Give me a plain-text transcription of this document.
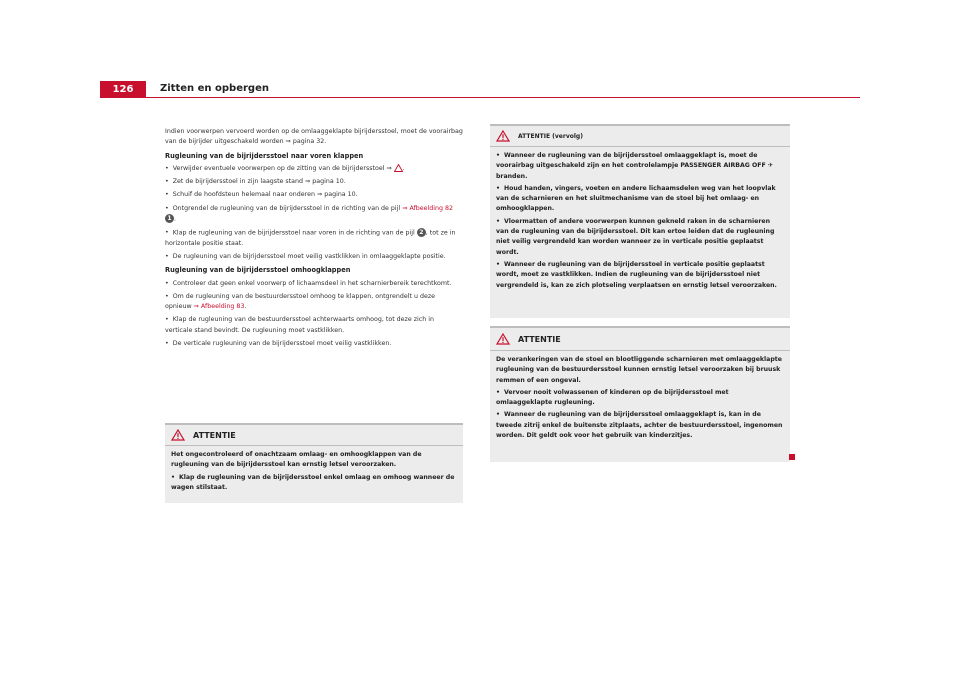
126	Zitten en opbergen

Indien voorwerpen vervoerd worden op de omlaaggeklapte bijrijdersstoel, moet de voorairbag van de bijrijder uitgeschakeld worden ⇒ pagina 32.

Rugleuning van de bijrijdersstoel naar voren klappen

• Verwijder eventuele voorwerpen op de zitting van de bijrijdersstoel ⇒ .

• Zet de bijrijdersstoel in zijn laagste stand ⇒ pagina 10.

• Schuif de hoofdsteun helemaal naar onderen ⇒ pagina 10.

• Ontgrendel de rugleuning van de bijrijdersstoel in de richting van de pijl ⇒ Afbeelding 82 1 .

• Klap de rugleuning van de bijrijdersstoel naar voren in de richting van de pijl 2 , tot ze in horizontale positie staat.

• De rugleuning van de bijrijdersstoel moet veilig vastklikken in omlaaggeklapte positie.

Rugleuning van de bijrijdersstoel omhoogklappen

• Controleer dat geen enkel voorwerp of lichaamsdeel in het scharnierbereik terechtkomt.

• Om de rugleuning van de bestuurdersstoel omhoog te klappen, ontgrendelt u deze opnieuw ⇒ Afbeelding 83.

• Klap de rugleuning van de bestuurdersstoel achterwaarts omhoog, tot deze zich in verticale stand bevindt. De rugleuning moet vastklikken.

• De verticale rugleuning van de bijrijdersstoel moet veilig vastklikken.

ATTENTIE

Het ongecontroleerd of onachtzaam omlaag- en omhoogklappen van de rugleuning van de bijrijdersstoel kan ernstig letsel veroorzaken.

• Klap de rugleuning van de bijrijdersstoel enkel omlaag en omhoog wanneer de wagen stilstaat.

ATTENTIE (vervolg)

• Wanneer de rugleuning van de bijrijdersstoel omlaaggeklapt is, moet de voorairbag uitgeschakeld zijn en het controlelampje PASSENGER AIRBAG OFF ✈ branden.

• Houd handen, vingers, voeten en andere lichaamsdelen weg van het loopvlak van de scharnieren en het sluitmechanisme van de stoel bij het omlaag- en omhoogklappen.

• Vloermatten of andere voorwerpen kunnen gekneld raken in de scharnieren van de rugleuning van de bijrijdersstoel. Dit kan ertoe leiden dat de rugleuning niet veilig vergrendeld kan worden wanneer ze in verticale positie geplaatst wordt.

• Wanneer de rugleuning van de bijrijdersstoel in verticale positie geplaatst wordt, moet ze vastklikken. Indien de rugleuning van de bijrijdersstoel niet vergrendeld is, kan ze zich plotseling verplaatsen en ernstig letsel veroorzaken.

ATTENTIE

De verankeringen van de stoel en blootliggende scharnieren met omlaaggeklapte rugleuning van de bestuurdersstoel kunnen ernstig letsel veroorzaken bij bruusk remmen of een ongeval.

• Vervoer nooit volwassenen of kinderen op de bijrijdersstoel met omlaaggeklapte rugleuning.

• Wanneer de rugleuning van de bijrijdersstoel omlaaggeklapt is, kan in de tweede zitrij enkel de buitenste zitplaats, achter de bestuurdersstoel, ingenomen worden. Dit geldt ook voor het gebruik van kinderzitjes.
